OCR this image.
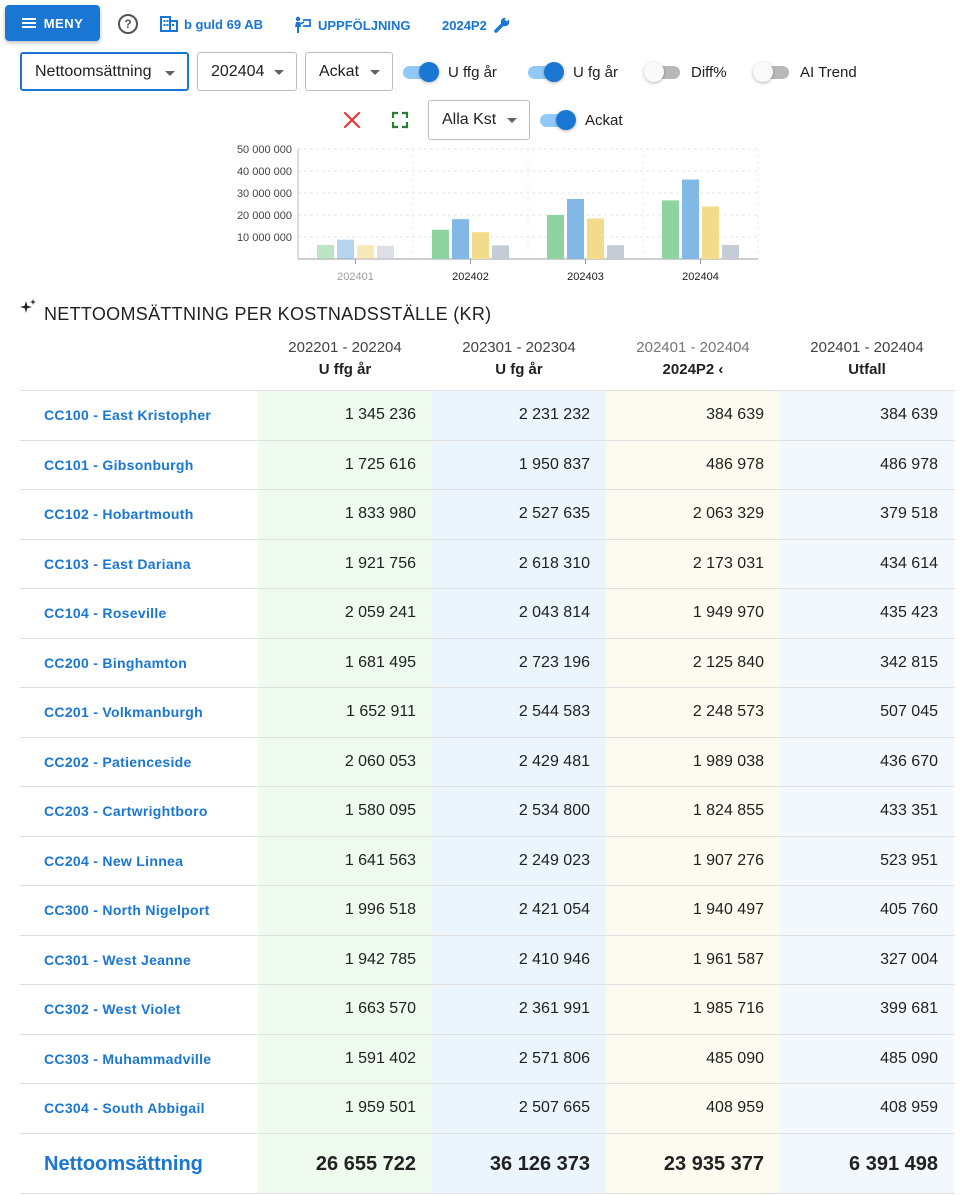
MENY	?	b guld 69 AB	UPPFÖLJNING 2024P2
Nettoomsättning	202404	Ackat	U ffg år	U fg år	Diff%	AI Trend
Alla Kst	Ackat
10 000 000
20 000 000
30 000 000
40 000 000
50 000 000
202401	202402	202403	202404
NETTOOMSÄTTNING PER KOSTNADSSTÄLLE (KR)
202201 - 202204
U ffg år
202301 - 202304
U fg år
202401 - 202404
2024P2 ‹
202401 - 202404
Utfall
CC100 - East Kristopher	1 345 236	2 231 232	384 639	384 639
CC101 - Gibsonburgh	1 725 616	1 950 837	486 978	486 978
CC102 - Hobartmouth	1 833 980	2 527 635	2 063 329	379 518
CC103 - East Dariana	1 921 756	2 618 310	2 173 031	434 614
CC104 - Roseville	2 059 241	2 043 814	1 949 970	435 423
CC200 - Binghamton	1 681 495	2 723 196	2 125 840	342 815
CC201 - Volkmanburgh	1 652 911	2 544 583	2 248 573	507 045
CC202 - Patienceside	2 060 053	2 429 481	1 989 038	436 670
CC203 - Cartwrightboro	1 580 095	2 534 800	1 824 855	433 351
CC204 - New Linnea	1 641 563	2 249 023	1 907 276	523 951
CC300 - North Nigelport	1 996 518	2 421 054	1 940 497	405 760
CC301 - West Jeanne	1 942 785	2 410 946	1 961 587	327 004
CC302 - West Violet	1 663 570	2 361 991	1 985 716	399 681
CC303 - Muhammadville	1 591 402	2 571 806	485 090	485 090
CC304 - South Abbigail	1 959 501	2 507 665	408 959	408 959
Nettoomsättning	26 655 722	36 126 373	23 935 377	6 391 498
